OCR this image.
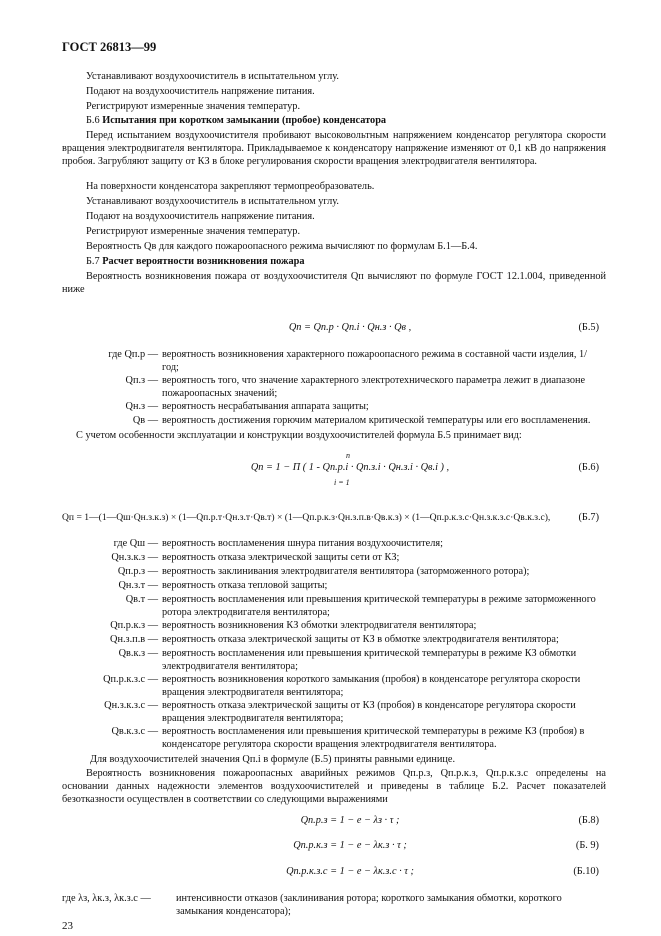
ГОСТ 26813—99
Устанавливают воздухоочиститель в испытательном углу.
Подают на воздухоочиститель напряжение питания.
Регистрируют измеренные значения температур.
Б.6 Испытания при коротком замыкании (пробое) конденсатора
Перед испытанием воздухоочистителя пробивают высоковольтным напряжением конденсатор регулятора скорости вращения электродвигателя вентилятора. Прикладываемое к конденсатору напряжение изменяют от 0,1 кВ до напряжения пробоя. Загрубляют защиту от КЗ в блоке регулирования скорости вращения электродвигателя вентилятора.
На поверхности конденсатора закрепляют термопреобразователь.
Устанавливают воздухоочиститель в испытательном углу.
Подают на воздухоочиститель напряжение питания.
Регистрируют измеренные значения температур.
Вероятность Qв для каждого пожароопасного режима вычисляют по формулам Б.1—Б.4.
Б.7 Расчет вероятности возникновения пожара
Вероятность возникновения пожара от воздухоочистителя Qп вычисляют по формуле ГОСТ 12.1.004, приведенной ниже
Qп = Qп.р · Qп.і · Qн.з · Qв ,	(Б.5)
где Qп.р — вероятность возникновения характерного пожароопасного режима в составной части изделия, 1/год;
Qп.з — вероятность того, что значение характерного электротехнического параметра лежит в диапазоне пожароопасных значений;
Qн.з — вероятность несрабатывания аппарата защиты;
Qв — вероятность достижения горючим материалом критической температуры или его воспламенения.
С учетом особенности эксплуатации и конструкции воздухоочистителей формула Б.5 принимает вид:
n
Qп = 1 − Π ( 1 - Qп.р.i · Qп.з.i · Qн.з.i · Qв.i ) ,
i = 1
(Б.6)
Qп = 1—(1—Qш·Qн.з.к.з) × (1—Qп.р.т·Qн.з.т·Qв.т) × (1—Qп.р.к.з·Qн.з.п.в·Qв.к.з) × (1—Qп.р.к.з.с·Qн.з.к.з.с·Qв.к.з.с),	(Б.7)
где Qш — вероятность воспламенения шнура питания воздухоочистителя;
Qн.з.к.з — вероятность отказа электрической защиты сети от КЗ;
Qп.р.з — вероятность заклинивания электродвигателя вентилятора (заторможенного ротора);
Qн.з.т — вероятность отказа тепловой защиты;
Qв.т — вероятность воспламенения или превышения критической температуры в режиме заторможенного ротора электродвигателя вентилятора;
Qп.р.к.з — вероятность возникновения КЗ обмотки электродвигателя вентилятора;
Qн.з.п.в — вероятность отказа электрической защиты от КЗ в обмотке электродвигателя вентилятора;
Qв.к.з — вероятность воспламенения или превышения критической температуры в режиме КЗ обмотки электродвигателя вентилятора;
Qп.р.к.з.с — вероятность возникновения короткого замыкания (пробоя) в конденсаторе регулятора скорости вращения электродвигателя вентилятора;
Qн.з.к.з.с — вероятность отказа электрической защиты от КЗ (пробоя) в конденсаторе регулятора скорости вращения электродвигателя вентилятора;
Qв.к.з.с — вероятность воспламенения или превышения критической температуры в режиме КЗ (пробоя) в конденсаторе регулятора скорости вращения электродвигателя вентилятора.
Для воздухоочистителей значения Qп.і в формуле (Б.5) приняты равными единице.
Вероятность возникновения пожароопасных аварийных режимов Qп.р.з, Qп.р.к.з, Qп.р.к.з.с определены на основании данных надежности элементов воздухоочистителей и приведены в таблице Б.2. Расчет показателей безотказности осуществлен в соответствии со следующими выражениями
Qп.р.з = 1 − e − λз · τ ;	(Б.8)
Qп.р.к.з = 1 − e − λк.з · τ ;	(Б. 9)
Qп.р.к.з.с = 1 − e − λк.з.с · τ ;	(Б.10)
где λз, λк.з, λк.з.с — интенсивности отказов (заклинивания ротора; короткого замыкания обмотки, короткого замыкания конденсатора);
23
